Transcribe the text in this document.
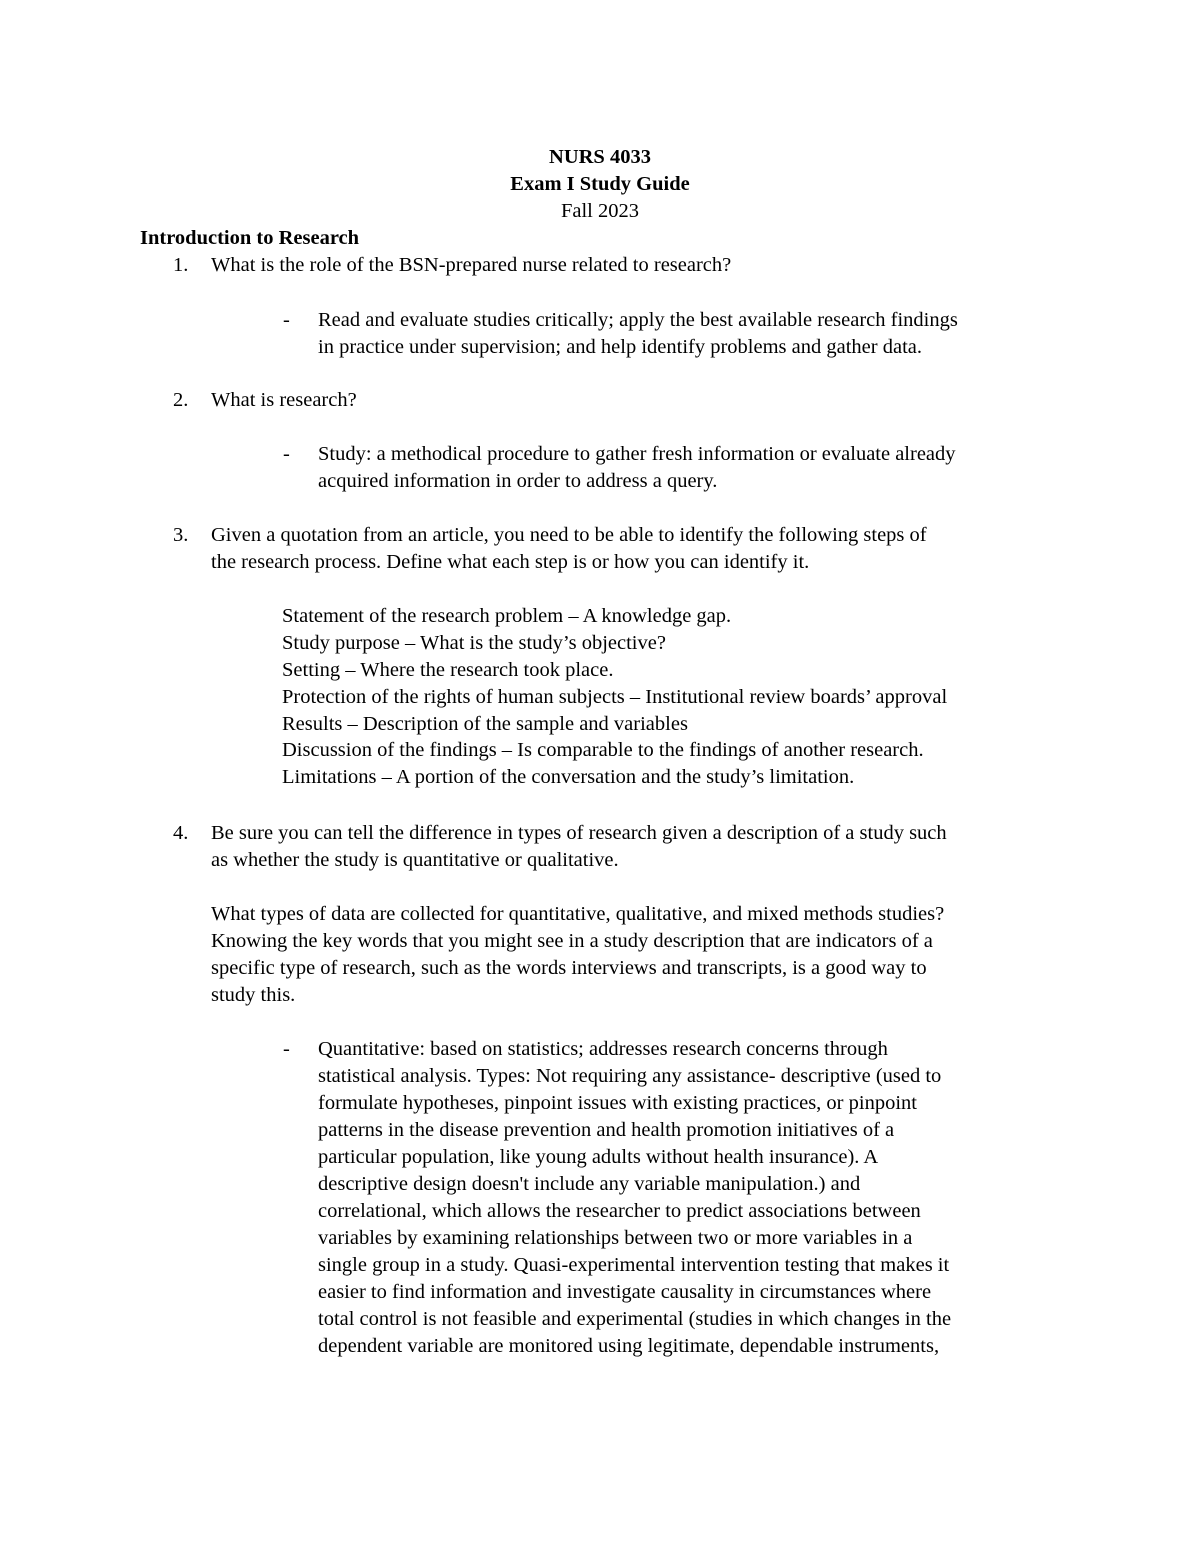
NURS 4033
Exam I Study Guide
Fall 2023
Introduction to Research
1.	What is the role of the BSN-prepared nurse related to research?
-	Read and evaluate studies critically; apply the best available research findings
in practice under supervision; and help identify problems and gather data.
2.	What is research?
-	Study: a methodical procedure to gather fresh information or evaluate already
acquired information in order to address a query.
3.	Given a quotation from an article, you need to be able to identify the following steps of
the research process. Define what each step is or how you can identify it.
Statement of the research problem – A knowledge gap.
Study purpose – What is the study’s objective?
Setting – Where the research took place.
Protection of the rights of human subjects – Institutional review boards’ approval
Results – Description of the sample and variables
Discussion of the findings – Is comparable to the findings of another research.
Limitations – A portion of the conversation and the study’s limitation.
4.	Be sure you can tell the difference in types of research given a description of a study such
as whether the study is quantitative or qualitative.
What types of data are collected for quantitative, qualitative, and mixed methods studies?
Knowing the key words that you might see in a study description that are indicators of a
specific type of research, such as the words interviews and transcripts, is a good way to
study this.
-	Quantitative: based on statistics; addresses research concerns through
statistical analysis. Types: Not requiring any assistance- descriptive (used to
formulate hypotheses, pinpoint issues with existing practices, or pinpoint
patterns in the disease prevention and health promotion initiatives of a
particular population, like young adults without health insurance). A
descriptive design doesn't include any variable manipulation.) and
correlational, which allows the researcher to predict associations between
variables by examining relationships between two or more variables in a
single group in a study. Quasi-experimental intervention testing that makes it
easier to find information and investigate causality in circumstances where
total control is not feasible and experimental (studies in which changes in the
dependent variable are monitored using legitimate, dependable instruments,
